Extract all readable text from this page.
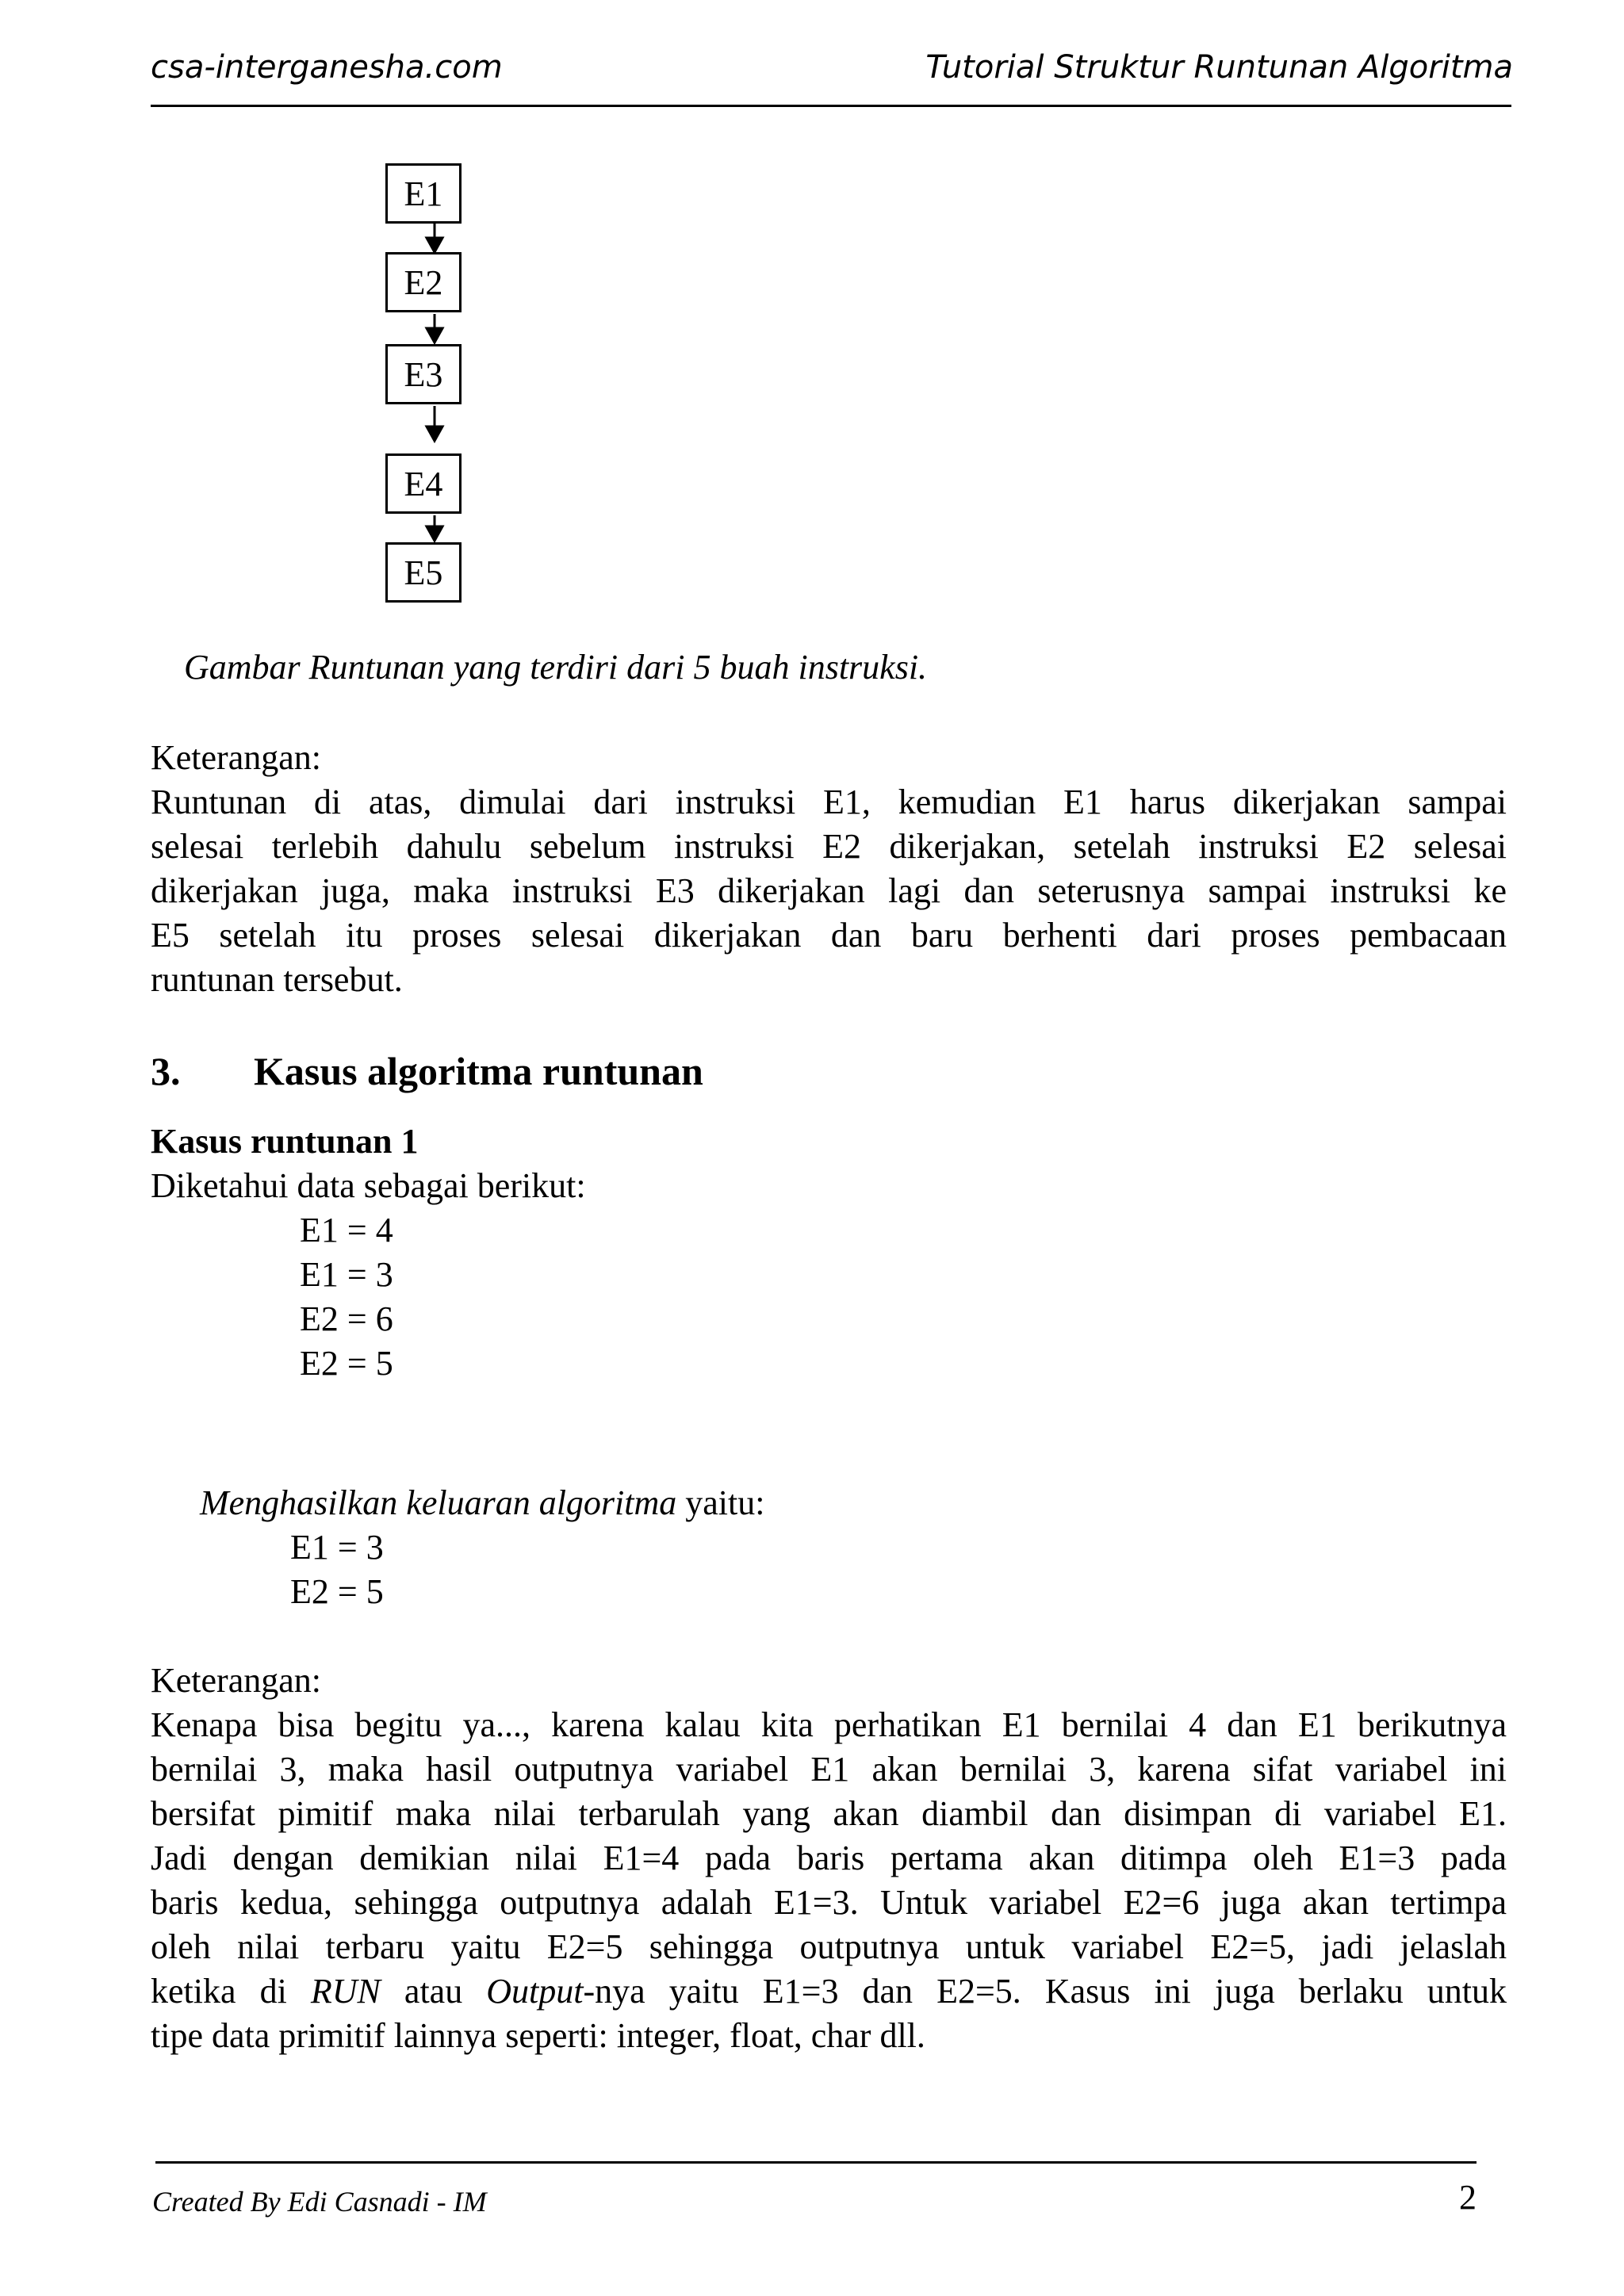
csa-interganesha.com	Tutorial Struktur Runtunan Algoritma
E1
E2
E3
E4
E5
Gambar Runtunan yang terdiri dari 5 buah instruksi.
Keterangan:
Runtunan di atas, dimulai dari instruksi E1, kemudian E1 harus dikerjakan sampai
selesai terlebih dahulu sebelum instruksi E2 dikerjakan, setelah instruksi E2 selesai
dikerjakan juga, maka instruksi E3 dikerjakan lagi dan seterusnya sampai instruksi ke
E5 setelah itu proses selesai dikerjakan dan baru berhenti dari proses pembacaan
runtunan tersebut.
3. Kasus algoritma runtunan
Kasus runtunan 1
Diketahui data sebagai berikut:
E1 = 4
E1 = 3
E2 = 6
E2 = 5
Menghasilkan keluaran algoritma yaitu:
E1 = 3
E2 = 5
Keterangan:
Kenapa bisa begitu ya..., karena kalau kita perhatikan E1 bernilai 4 dan E1 berikutnya
bernilai 3, maka hasil outputnya variabel E1 akan bernilai 3, karena sifat variabel ini
bersifat pimitif maka nilai terbarulah yang akan diambil dan disimpan di variabel E1.
Jadi dengan demikian nilai E1=4 pada baris pertama akan ditimpa oleh E1=3 pada
baris kedua, sehingga outputnya adalah E1=3. Untuk variabel E2=6 juga akan tertimpa
oleh nilai terbaru yaitu E2=5 sehingga outputnya untuk variabel E2=5, jadi jelaslah
ketika di RUN atau Output-nya yaitu E1=3 dan E2=5. Kasus ini juga berlaku untuk
tipe data primitif lainnya seperti: integer, float, char dll.
Created By Edi Casnadi - IM	2
